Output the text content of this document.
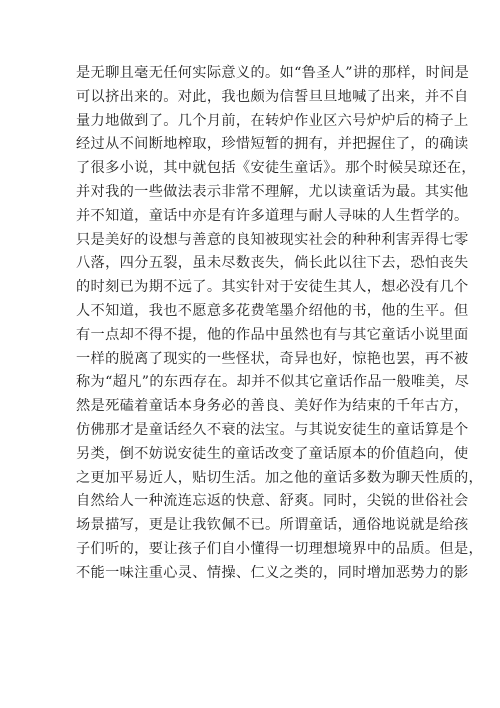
是无聊且毫无任何实际意义的。如“鲁圣人”讲的那样，时间是
可以挤出来的。对此，我也颇为信誓旦旦地喊了出来，并不自
量力地做到了。几个月前，在转炉作业区六号炉炉后的椅子上
经过从不间断地榨取，珍惜短暂的拥有，并把握住了，的确读
了很多小说，其中就包括《安徒生童话》。那个时候吴琼还在，
并对我的一些做法表示非常不理解，尤以读童话为最。其实他
并不知道，童话中亦是有许多道理与耐人寻味的人生哲学的。
只是美好的设想与善意的良知被现实社会的种种利害弄得七零
八落，四分五裂，虽未尽数丧失，倘长此以往下去，恐怕丧失
的时刻已为期不远了。其实针对于安徒生其人，想必没有几个
人不知道，我也不愿意多花费笔墨介绍他的书，他的生平。但
有一点却不得不提，他的作品中虽然也有与其它童话小说里面
一样的脱离了现实的一些怪状，奇异也好，惊艳也罢，再不被
称为“超凡”的东西存在。却并不似其它童话作品一般唯美，尽
然是死磕着童话本身务必的善良、美好作为结束的千年古方，
仿佛那才是童话经久不衰的法宝。与其说安徒生的童话算是个
另类，倒不妨说安徒生的童话改变了童话原本的价值趋向，使
之更加平易近人，贴切生活。加之他的童话多数为聊天性质的，
自然给人一种流连忘返的快意、舒爽。同时，尖锐的世俗社会
场景描写，更是让我钦佩不已。所谓童话，通俗地说就是给孩
子们听的，要让孩子们自小懂得一切理想境界中的品质。但是，
不能一味注重心灵、情操、仁义之类的，同时增加恶势力的影
